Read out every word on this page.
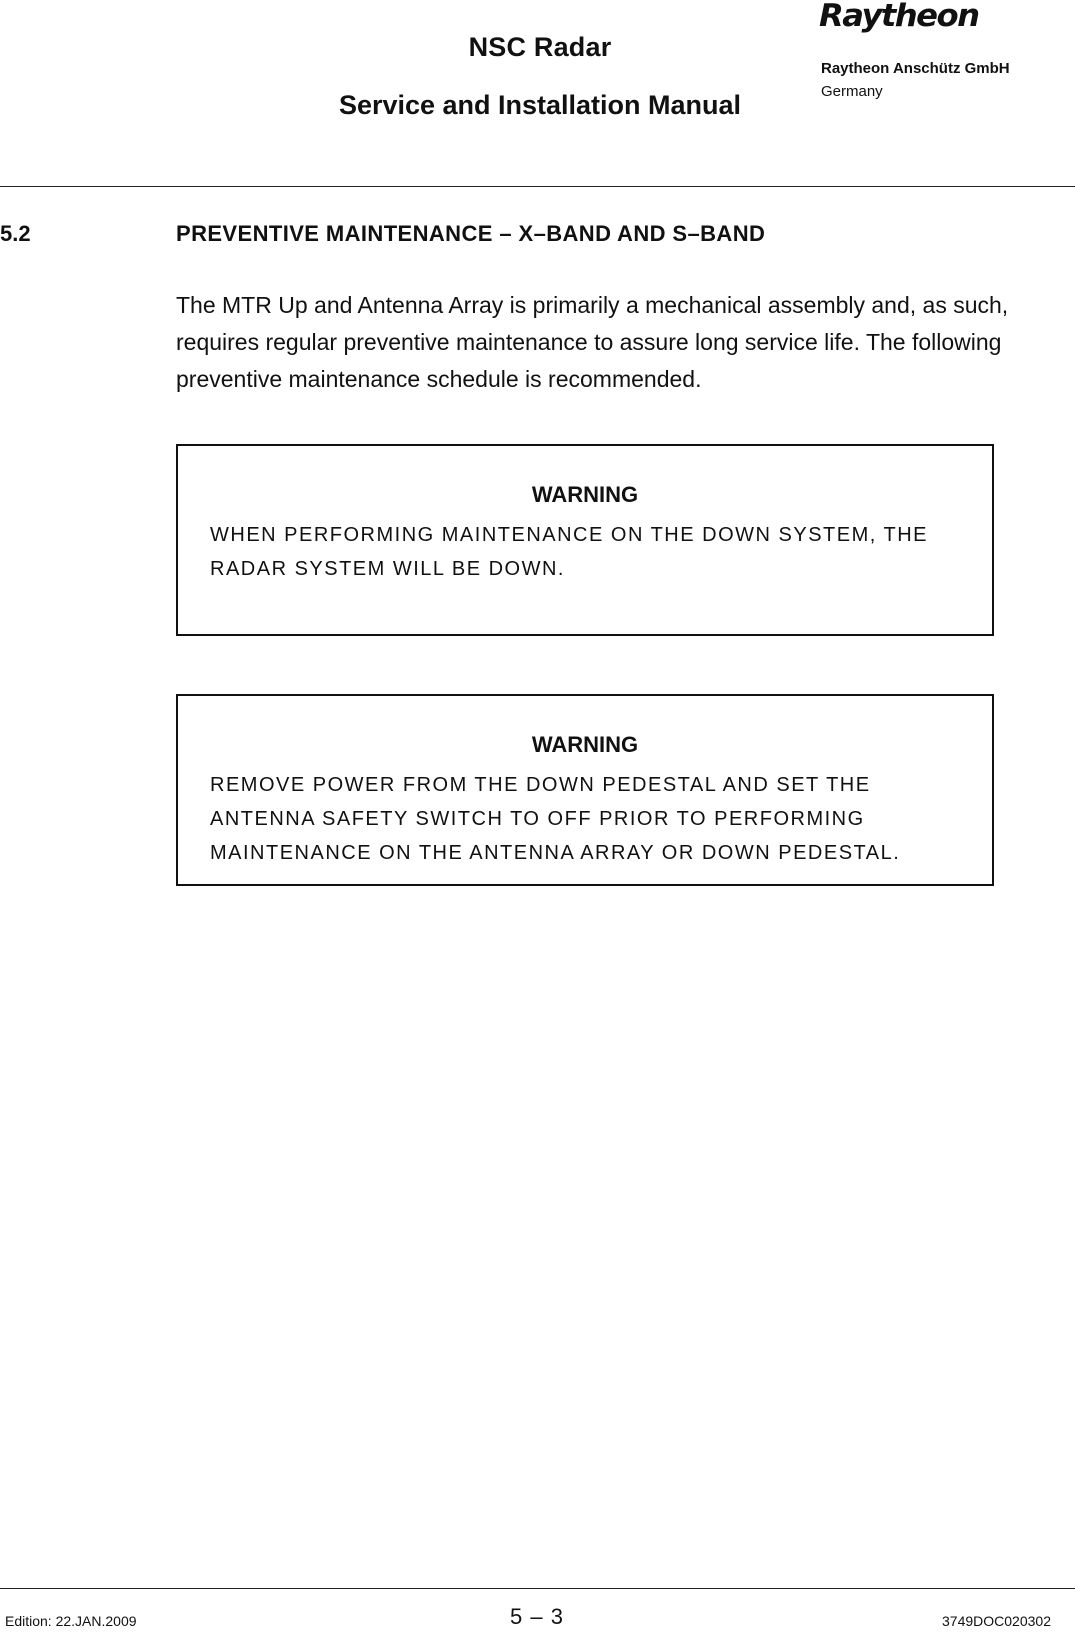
NSC Radar
Service and Installation Manual
Raytheon
Raytheon Anschütz GmbH
Germany
5.2	PREVENTIVE MAINTENANCE – X–BAND AND S–BAND

The MTR Up and Antenna Array is primarily a mechanical assembly and, as such, requires regular preventive maintenance to assure long service life. The following preventive maintenance schedule is recommended.

WARNING

WHEN PERFORMING MAINTENANCE ON THE DOWN SYSTEM, THE RADAR SYSTEM WILL BE DOWN.

WARNING

REMOVE POWER FROM THE DOWN PEDESTAL AND SET THE ANTENNA SAFETY SWITCH TO OFF PRIOR TO PERFORMING MAINTENANCE ON THE ANTENNA ARRAY OR DOWN PEDESTAL.

Edition: 22.JAN.2009	5 – 3	3749DOC020302
